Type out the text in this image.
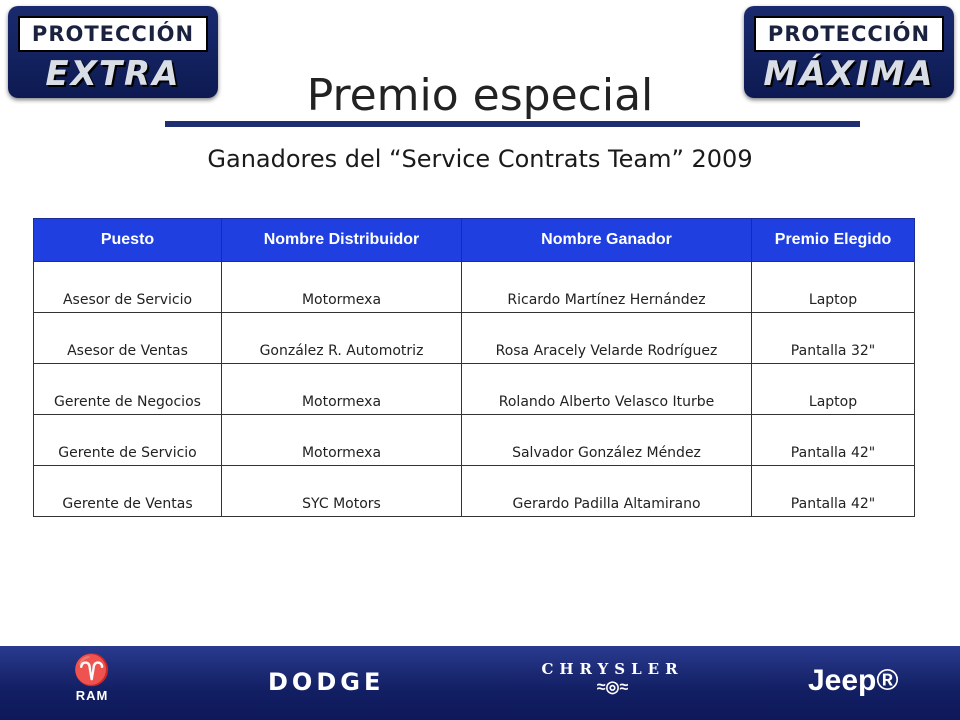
PROTECCIÓN
EXTRA
PROTECCIÓN
MÁXIMA
Premio especial
Ganadores del “Service Contrats Team” 2009
Puesto	Nombre Distribuidor	Nombre Ganador	Premio Elegido
Asesor de Servicio	Motormexa	Ricardo Martínez Hernández	Laptop
Asesor de Ventas	González R. Automotriz	Rosa Aracely Velarde Rodríguez	Pantalla 32"
Gerente de Negocios	Motormexa	Rolando Alberto Velasco Iturbe	Laptop
Gerente de Servicio	Motormexa	Salvador González Méndez	Pantalla 42"
Gerente de Ventas	SYC Motors	Gerardo Padilla Altamirano	Pantalla 42"
♈
RAM	DODGE	CHRYSLER
≈◎≈	Jeep®
